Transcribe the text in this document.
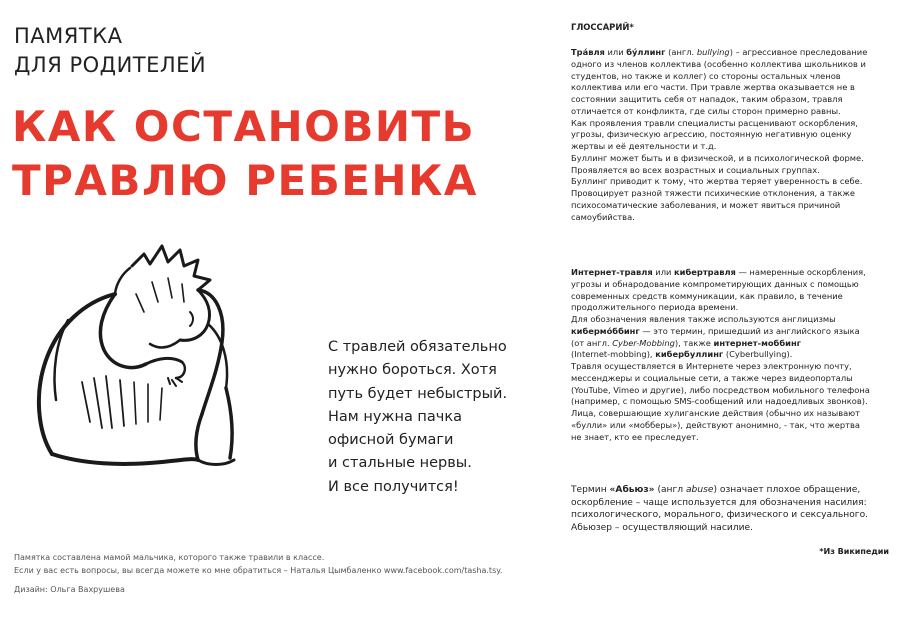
ПАМЯТКА
ДЛЯ РОДИТЕЛЕЙ
КАК ОСТАНОВИТЬ
ТРАВЛЮ РЕБЕНКА
С травлей обязательно
нужно бороться. Хотя
путь будет небыстрый.
Нам нужна пачка
офисной бумаги
и стальные нервы.
И все получится!
Памятка составлена мамой мальчика, которого также травили в классе.
Если у вас есть вопросы, вы всегда можете ко мне обратиться – Наталья Цымбаленко www.facebook.com/tasha.tsy.
Дизайн: Ольга Вахрушева
ГЛОССАРИЙ*
Тра́вля или бу́ллинг (англ. bullying) – агрессивное преследование
одного из членов коллектива (особенно коллектива школьников и
студентов, но также и коллег) со стороны остальных членов
коллектива или его части. При травле жертва оказывается не в
состоянии защитить себя от нападок, таким образом, травля
отличается от конфликта, где силы сторон примерно равны.
Как проявления травли специалисты расценивают оскорбления,
угрозы, физическую агрессию, постоянную негативную оценку
жертвы и её деятельности и т.д.
Буллинг может быть и в физической, и в психологической форме.
Проявляется во всех возрастных и социальных группах.
Буллинг приводит к тому, что жертва теряет уверенность в себе.
Провоцирует разной тяжести психические отклонения, а также
психосоматические заболевания, и может явиться причиной
самоубийства.
Интернет-травля или кибертравля — намеренные оскорбления,
угрозы и обнародование компрометирующих данных с помощью
современных средств коммуникации, как правило, в течение
продолжительного периода времени.
Для обозначения явления также используются англицизмы
кибермо́ббинг — это термин, пришедший из английского языка
(от англ. Cyber-Mobbing), также интернет-моббинг
(Internet-mobbing), кибербуллинг (Cyberbullying).
Травля осуществляется в Интернете через электронную почту,
мессенджеры и социальные сети, а также через видеопорталы
(YouTube, Vimeo и другие), либо посредством мобильного телефона
(например, с помощью SMS-сообщений или надоедливых звонков).
Лица, совершающие хулиганские действия (обычно их называют
«булли» или «мобберы»), действуют анонимно, - так, что жертва
не знает, кто ее преследует.
Термин «Абьюз» (англ abuse) означает плохое обращение,
оскорбление – чаще используется для обозначения насилия:
психологического, морального, физического и сексуального.
Абьюзер – осуществляющий насилие.
*Из Википедии
